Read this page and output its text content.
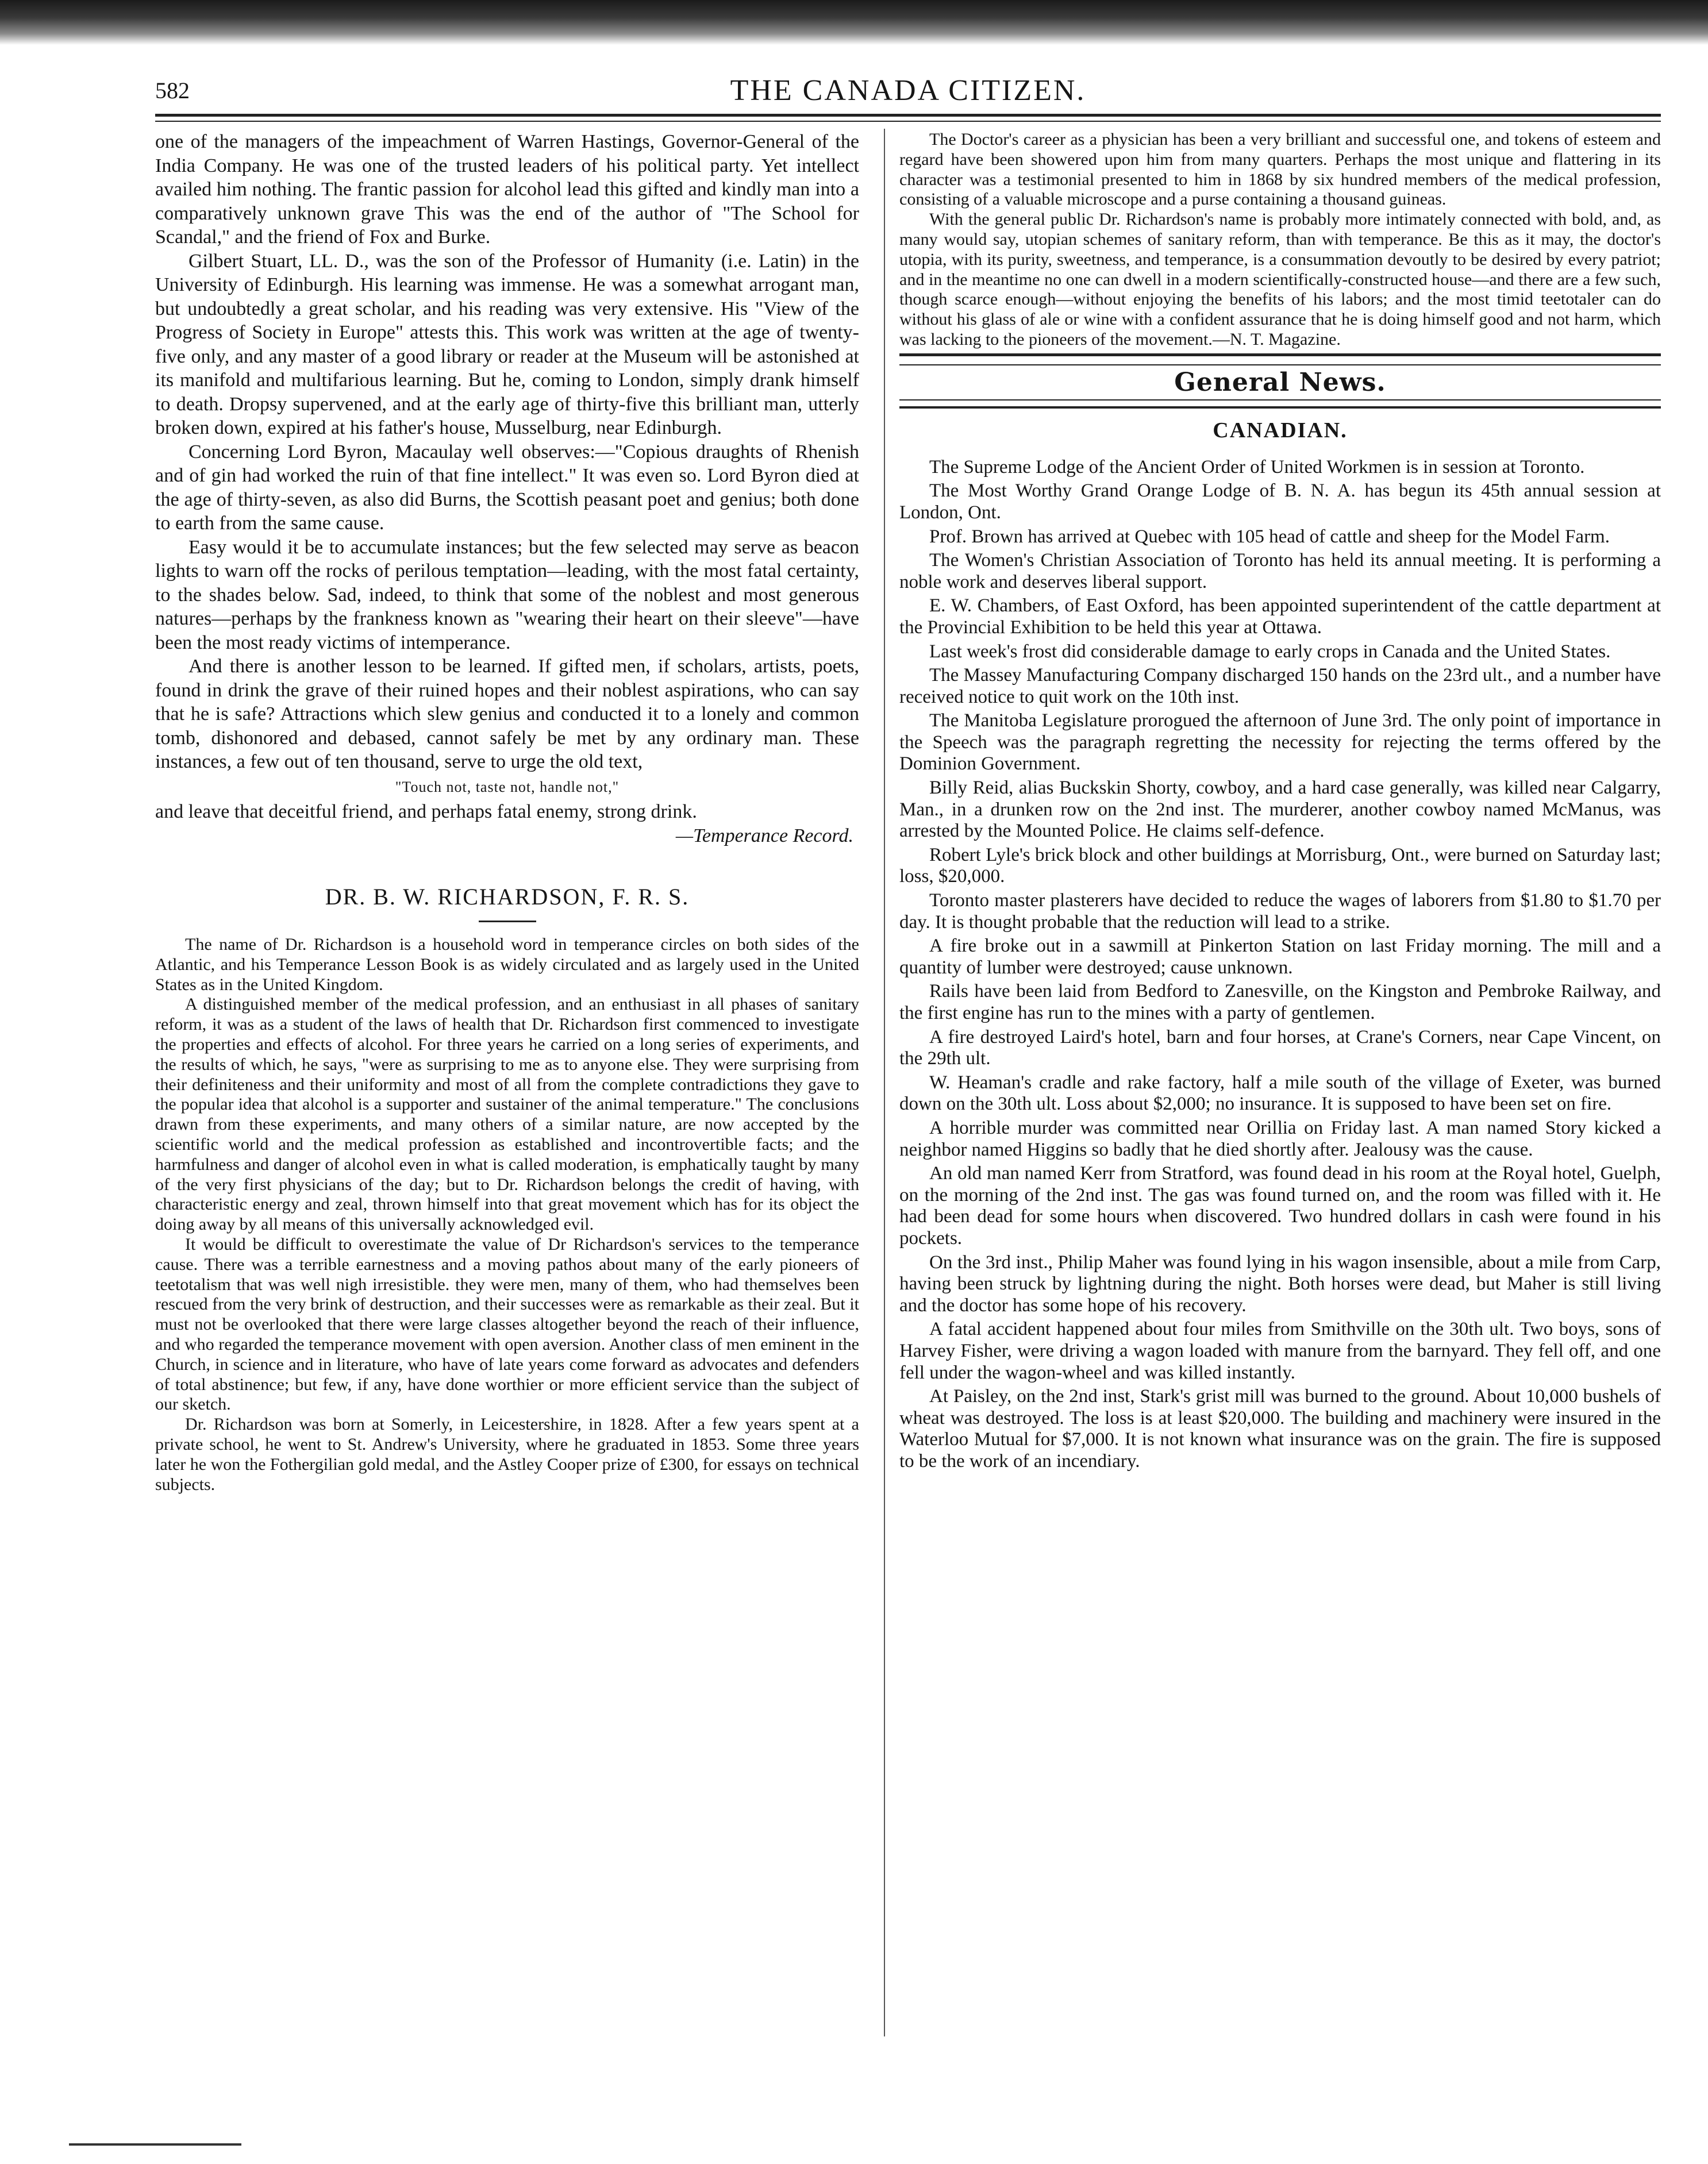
582	THE CANADA CITIZEN.

one of the managers of the impeachment of Warren Hastings, Governor-General of the India Company. He was one of the trusted leaders of his political party. Yet intellect availed him nothing. The frantic passion for alcohol lead this gifted and kindly man into a comparatively unknown grave This was the end of the author of "The School for Scandal," and the friend of Fox and Burke.

Gilbert Stuart, LL. D., was the son of the Professor of Humanity (i.e. Latin) in the University of Edinburgh. His learning was immense. He was a somewhat arrogant man, but undoubtedly a great scholar, and his reading was very extensive. His "View of the Progress of Society in Europe" attests this. This work was written at the age of twenty-five only, and any master of a good library or reader at the Museum will be astonished at its manifold and multifarious learning. But he, coming to London, simply drank himself to death. Dropsy supervened, and at the early age of thirty-five this brilliant man, utterly broken down, expired at his father's house, Musselburg, near Edinburgh.

Concerning Lord Byron, Macaulay well observes:—"Copious draughts of Rhenish and of gin had worked the ruin of that fine intellect." It was even so. Lord Byron died at the age of thirty-seven, as also did Burns, the Scottish peasant poet and genius; both done to earth from the same cause.

Easy would it be to accumulate instances; but the few selected may serve as beacon lights to warn off the rocks of perilous temptation—leading, with the most fatal certainty, to the shades below. Sad, indeed, to think that some of the noblest and most generous natures—perhaps by the frankness known as "wearing their heart on their sleeve"—have been the most ready victims of intemperance.

And there is another lesson to be learned. If gifted men, if scholars, artists, poets, found in drink the grave of their ruined hopes and their noblest aspirations, who can say that he is safe? Attractions which slew genius and conducted it to a lonely and common tomb, dishonored and debased, cannot safely be met by any ordinary man. These instances, a few out of ten thousand, serve to urge the old text,

"Touch not, taste not, handle not,"

and leave that deceitful friend, and perhaps fatal enemy, strong drink.

—Temperance Record.
DR. B. W. RICHARDSON, F. R. S.

The name of Dr. Richardson is a household word in temperance circles on both sides of the Atlantic, and his Temperance Lesson Book is as widely circulated and as largely used in the United States as in the United Kingdom.

A distinguished member of the medical profession, and an enthusiast in all phases of sanitary reform, it was as a student of the laws of health that Dr. Richardson first commenced to investigate the properties and effects of alcohol. For three years he carried on a long series of experiments, and the results of which, he says, "were as surprising to me as to anyone else. They were surprising from their definiteness and their uniformity and most of all from the complete contradictions they gave to the popular idea that alcohol is a supporter and sustainer of the animal temperature." The conclusions drawn from these experiments, and many others of a similar nature, are now accepted by the scientific world and the medical profession as established and incontrovertible facts; and the harmfulness and danger of alcohol even in what is called moderation, is emphatically taught by many of the very first physicians of the day; but to Dr. Richardson belongs the credit of having, with characteristic energy and zeal, thrown himself into that great movement which has for its object the doing away by all means of this universally acknowledged evil.

It would be difficult to overestimate the value of Dr Richardson's services to the temperance cause. There was a terrible earnestness and a moving pathos about many of the early pioneers of teetotalism that was well nigh irresistible. they were men, many of them, who had themselves been rescued from the very brink of destruction, and their successes were as remarkable as their zeal. But it must not be overlooked that there were large classes altogether beyond the reach of their influence, and who regarded the temperance movement with open aversion. Another class of men eminent in the Church, in science and in literature, who have of late years come forward as advocates and defenders of total abstinence; but few, if any, have done worthier or more efficient service than the subject of our sketch.

Dr. Richardson was born at Somerly, in Leicestershire, in 1828. After a few years spent at a private school, he went to St. Andrew's University, where he graduated in 1853. Some three years later he won the Fothergilian gold medal, and the Astley Cooper prize of £300, for essays on technical subjects.

The Doctor's career as a physician has been a very brilliant and successful one, and tokens of esteem and regard have been showered upon him from many quarters. Perhaps the most unique and flattering in its character was a testimonial presented to him in 1868 by six hundred members of the medical profession, consisting of a valuable microscope and a purse containing a thousand guineas.

With the general public Dr. Richardson's name is probably more intimately connected with bold, and, as many would say, utopian schemes of sanitary reform, than with temperance. Be this as it may, the doctor's utopia, with its purity, sweetness, and temperance, is a consummation devoutly to be desired by every patriot; and in the meantime no one can dwell in a modern scientifically-constructed house—and there are a few such, though scarce enough—without enjoying the benefits of his labors; and the most timid teetotaler can do without his glass of ale or wine with a confident assurance that he is doing himself good and not harm, which was lacking to the pioneers of the movement.—N. T. Magazine.

General News.
CANADIAN.

The Supreme Lodge of the Ancient Order of United Workmen is in session at Toronto.

The Most Worthy Grand Orange Lodge of B. N. A. has begun its 45th annual session at London, Ont.

Prof. Brown has arrived at Quebec with 105 head of cattle and sheep for the Model Farm.

The Women's Christian Association of Toronto has held its annual meeting. It is performing a noble work and deserves liberal support.

E. W. Chambers, of East Oxford, has been appointed superintendent of the cattle department at the Provincial Exhibition to be held this year at Ottawa.

Last week's frost did considerable damage to early crops in Canada and the United States.

The Massey Manufacturing Company discharged 150 hands on the 23rd ult., and a number have received notice to quit work on the 10th inst.

The Manitoba Legislature prorogued the afternoon of June 3rd. The only point of importance in the Speech was the paragraph regretting the necessity for rejecting the terms offered by the Dominion Government.

Billy Reid, alias Buckskin Shorty, cowboy, and a hard case generally, was killed near Calgarry, Man., in a drunken row on the 2nd inst. The murderer, another cowboy named McManus, was arrested by the Mounted Police. He claims self-defence.

Robert Lyle's brick block and other buildings at Morrisburg, Ont., were burned on Saturday last; loss, $20,000.

Toronto master plasterers have decided to reduce the wages of laborers from $1.80 to $1.70 per day. It is thought probable that the reduction will lead to a strike.

A fire broke out in a sawmill at Pinkerton Station on last Friday morning. The mill and a quantity of lumber were destroyed; cause unknown.

Rails have been laid from Bedford to Zanesville, on the Kingston and Pembroke Railway, and the first engine has run to the mines with a party of gentlemen.

A fire destroyed Laird's hotel, barn and four horses, at Crane's Corners, near Cape Vincent, on the 29th ult.

W. Heaman's cradle and rake factory, half a mile south of the village of Exeter, was burned down on the 30th ult. Loss about $2,000; no insurance. It is supposed to have been set on fire.

A horrible murder was committed near Orillia on Friday last. A man named Story kicked a neighbor named Higgins so badly that he died shortly after. Jealousy was the cause.

An old man named Kerr from Stratford, was found dead in his room at the Royal hotel, Guelph, on the morning of the 2nd inst. The gas was found turned on, and the room was filled with it. He had been dead for some hours when discovered. Two hundred dollars in cash were found in his pockets.

On the 3rd inst., Philip Maher was found lying in his wagon insensible, about a mile from Carp, having been struck by lightning during the night. Both horses were dead, but Maher is still living and the doctor has some hope of his recovery.

A fatal accident happened about four miles from Smithville on the 30th ult. Two boys, sons of Harvey Fisher, were driving a wagon loaded with manure from the barnyard. They fell off, and one fell under the wagon-wheel and was killed instantly.

At Paisley, on the 2nd inst, Stark's grist mill was burned to the ground. About 10,000 bushels of wheat was destroyed. The loss is at least $20,000. The building and machinery were insured in the Waterloo Mutual for $7,000. It is not known what insurance was on the grain. The fire is supposed to be the work of an incendiary.
